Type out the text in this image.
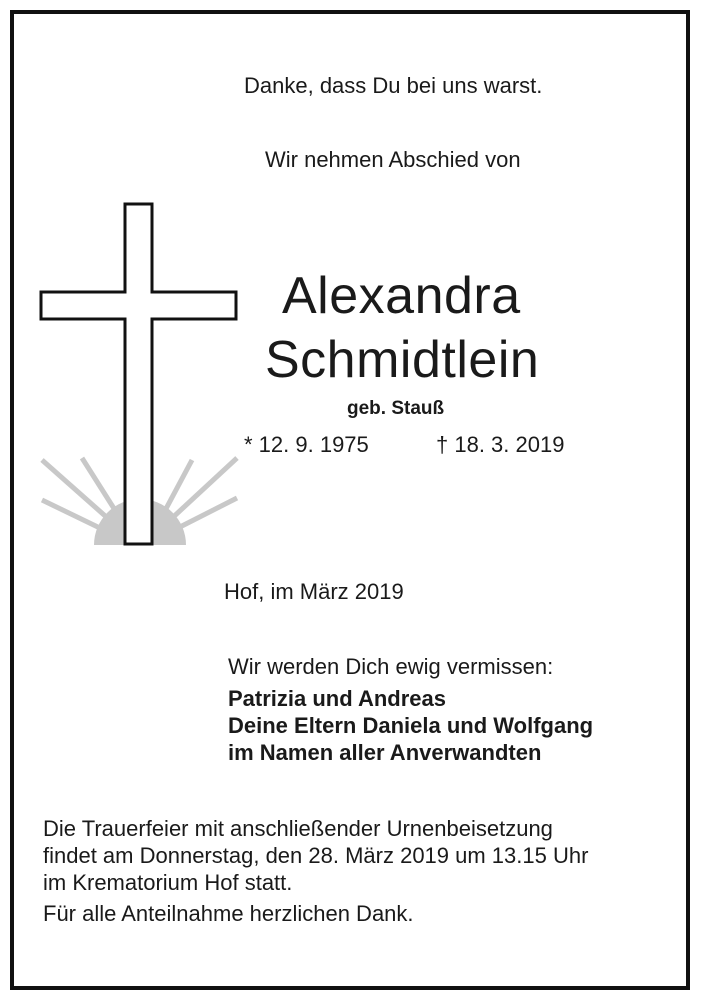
Danke, dass Du bei uns warst.
Wir nehmen Abschied von
Alexandra
Schmidtlein
geb. Stauß
* 12. 9. 1975	† 18. 3. 2019
Hof, im März 2019
Wir werden Dich ewig vermissen:
Patrizia und Andreas
Deine Eltern Daniela und Wolfgang
im Namen aller Anverwandten
Die Trauerfeier mit anschließender Urnenbeisetzung
findet am Donnerstag, den 28. März 2019 um 13.15 Uhr
im Krematorium Hof statt.
Für alle Anteilnahme herzlichen Dank.
